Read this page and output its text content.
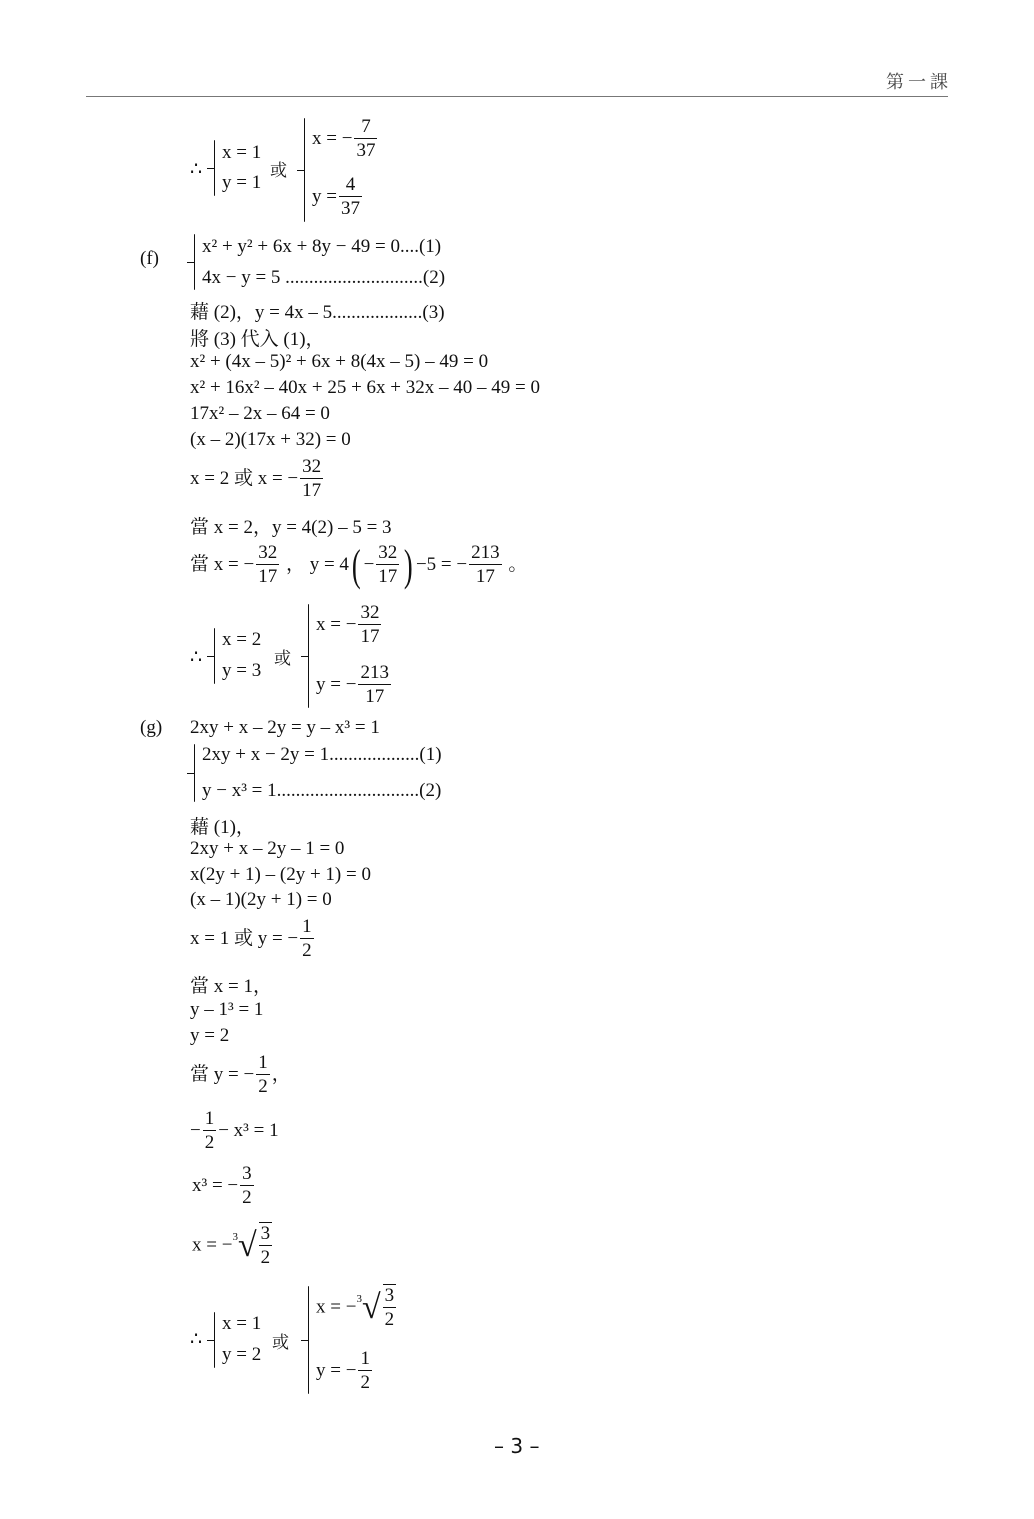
第一課
∴
x = 1
y = 1
或
x = − $\frac{7}{37}$
$y = \frac{4}{37}$
(f)
x² + y² + 6x + 8y − 49 = 0....(1)
4x − y = 5 .............................(2)
藉 (2)，y = 4x – 5...................(3)
將 (3) 代入 (1)，
x² + (4x – 5)² + 6x + 8(4x – 5) – 49 = 0
x² + 16x² – 40x + 25 + 6x + 32x – 40 – 49 = 0
17x² – 2x – 64 = 0
(x – 2)(17x + 32) = 0
x = 2 或 x = − $\frac{32}{17}$
當 x = 2，y = 4(2) – 5 = 3
當 x = − $\frac{32}{17}$ ， $y = 4( - \frac{32}{17}$ ) −5 = − $\frac{213}{17}$ 。
∴
x = 2
y = 3
或
x = − $\frac{32}{17}$
y = − $\frac{213}{17}$
(g) 2xy + x – 2y = y – x³ = 1
2xy + x − 2y = 1...................(1)
y − x³ = 1..............................(2)
藉 (1)，
2xy + x – 2y – 1 = 0
x(2y + 1) – (2y + 1) = 0
(x – 1)(2y + 1) = 0
x = 1 或 y = − $\frac{1}{2}$
當 x = 1，
y – 1³ = 1
y = 2
當 y = − $\frac{1}{2}$ ，
− $\frac{1}{2} - x^3 = 1$
x³ = − $\frac{3}{2}$
$x = -^3√ \frac{3}{2}$
∴
x = 1
y = 2
或
$x = -^3√ \frac{3}{2}$
y = − $\frac{1}{2}$
– 3 –
